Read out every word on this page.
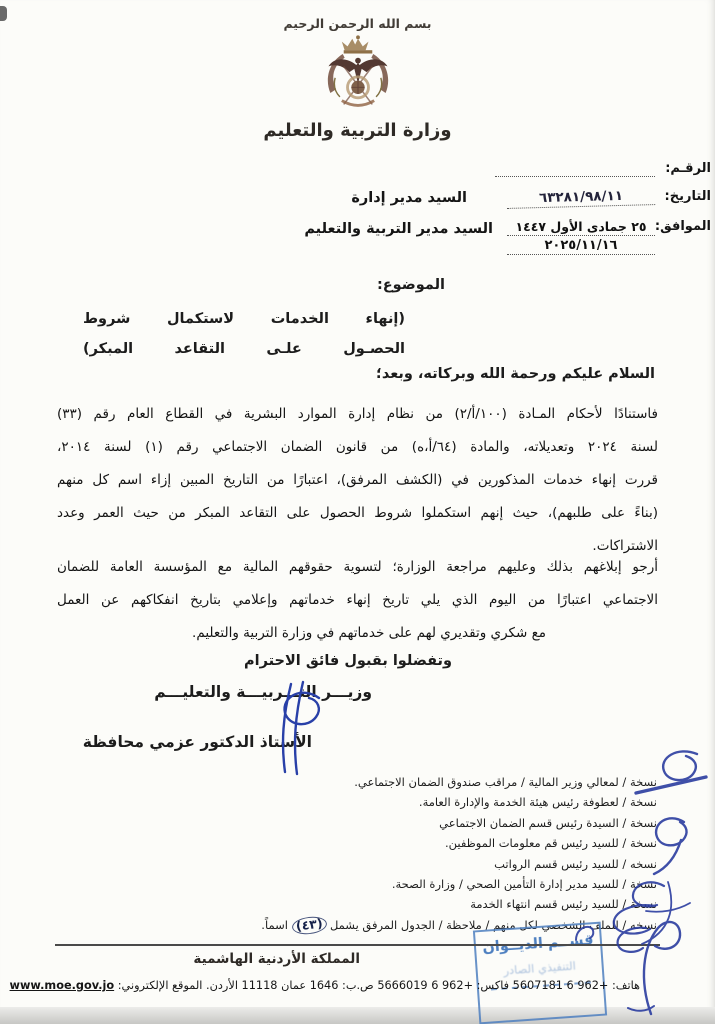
بسم الله الرحمن الرحيم
وزارة التربية والتعليم
الرقـم:
التاريخ:
٦٣٢٨١/٩٨/١١
الموافق:
٢٥ جمادى الأول ١٤٤٧
٢٠٢٥/١١/١٦
السيد مدير إدارة
السيد مدير التربية والتعليم
الموضوع:
(إنهاء الخدمات لاستكمال شروط
الحصـول علـى التقاعد المبكر)
السلام عليكم ورحمة الله وبركاته، وبعد؛
فاستنادًا لأحكام المـادة (١٠٠/أ/٢) من نظام إدارة الموارد البشرية في القطاع العام رقم (٣٣)
لسنة ٢٠٢٤ وتعديلاته، والمادة (٦٤/أ،ه) من قانون الضمان الاجتماعي رقم (١) لسنة ٢٠١٤،
قررت إنهاء خدمات المذكورين في (الكشف المرفق)، اعتبارًا من التاريخ المبين إزاء اسم كل منهم
(بناءً على طلبهم)، حيث إنهم استكملوا شروط الحصول على التقاعد المبكر من حيث العمر وعدد
الاشتراكات.
أرجو إبلاغهم بذلك وعليهم مراجعة الوزارة؛ لتسوية حقوقهم المالية مع المؤسسة العامة للضمان
الاجتماعي اعتبارًا من اليوم الذي يلي تاريخ إنهاء خدماتهم وإعلامي بتاريخ انفكاكهم عن العمل
مع شكري وتقديري لهم على خدماتهم في وزارة التربية والتعليم.
وتفضلوا بقبول فائق الاحترام
وزيـــر التـــربيـــة والتعليـــم
الأستاذ الدكتور عزمي محافظة
نسخة / لمعالي وزير المالية / مراقب صندوق الضمان الاجتماعي.
نسخة / لعطوفة رئيس هيئة الخدمة والإدارة العامة.
نسخة / السيدة رئيس قسم الضمان الاجتماعي
نسخة / للسيد رئيس قم معلومات الموظفين.
نسخه / للسيد رئيس قسم الرواتب
نسخة / للسيد مدير إدارة التأمين الصحي / وزارة الصحة.
نسخة / للسيد رئيس قسم انتهاء الخدمة
نسخه / للملف الشخصي لكل منهم / ملاحظة / الجدول المرفق يشمل (٤٣) اسماً.
قســم الديــوان
التنفيذي الصادر
المملكة الأردنية الهاشمية
هاتف: +962 6 5607181 فاكس: +962 6 5666019 ص.ب: 1646 عمان 11118 الأردن. الموقع الإلكتروني: www.moe.gov.jo
